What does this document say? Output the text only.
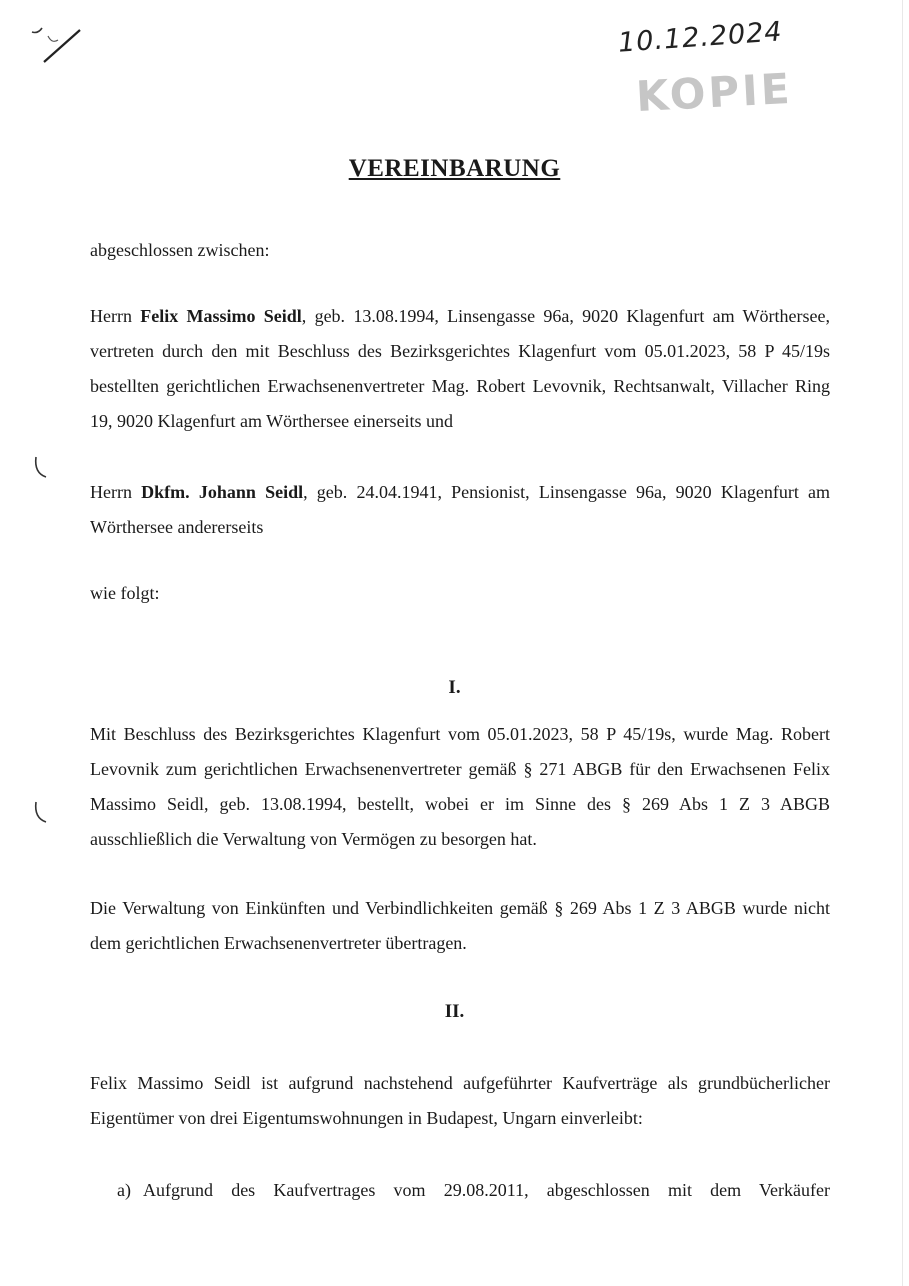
10.12.2024
KOPIE
VEREINBARUNG
abgeschlossen zwischen:
Herrn Felix Massimo Seidl, geb. 13.08.1994, Linsengasse 96a, 9020 Klagenfurt am Wörthersee, vertreten durch den mit Beschluss des Bezirksgerichtes Klagenfurt vom 05.01.2023, 58 P 45/19s bestellten gerichtlichen Erwachsenenvertreter Mag. Robert Levovnik, Rechtsanwalt, Villacher Ring 19, 9020 Klagenfurt am Wörthersee einerseits und
Herrn Dkfm. Johann Seidl, geb. 24.04.1941, Pensionist, Linsengasse 96a, 9020 Klagenfurt am Wörthersee andererseits
wie folgt:
I.
Mit Beschluss des Bezirksgerichtes Klagenfurt vom 05.01.2023, 58 P 45/19s, wurde Mag. Robert Levovnik zum gerichtlichen Erwachsenenvertreter gemäß § 271 ABGB für den Erwachsenen Felix Massimo Seidl, geb. 13.08.1994, bestellt, wobei er im Sinne des § 269 Abs 1 Z 3 ABGB ausschließlich die Verwaltung von Vermögen zu besorgen hat.
Die Verwaltung von Einkünften und Verbindlichkeiten gemäß § 269 Abs 1 Z 3 ABGB wurde nicht dem gerichtlichen Erwachsenenvertreter übertragen.
II.
Felix Massimo Seidl ist aufgrund nachstehend aufgeführter Kaufverträge als grundbücherlicher Eigentümer von drei Eigentumswohnungen in Budapest, Ungarn einverleibt:
a) Aufgrund des Kaufvertrages vom 29.08.2011, abgeschlossen mit dem Verkäufer
